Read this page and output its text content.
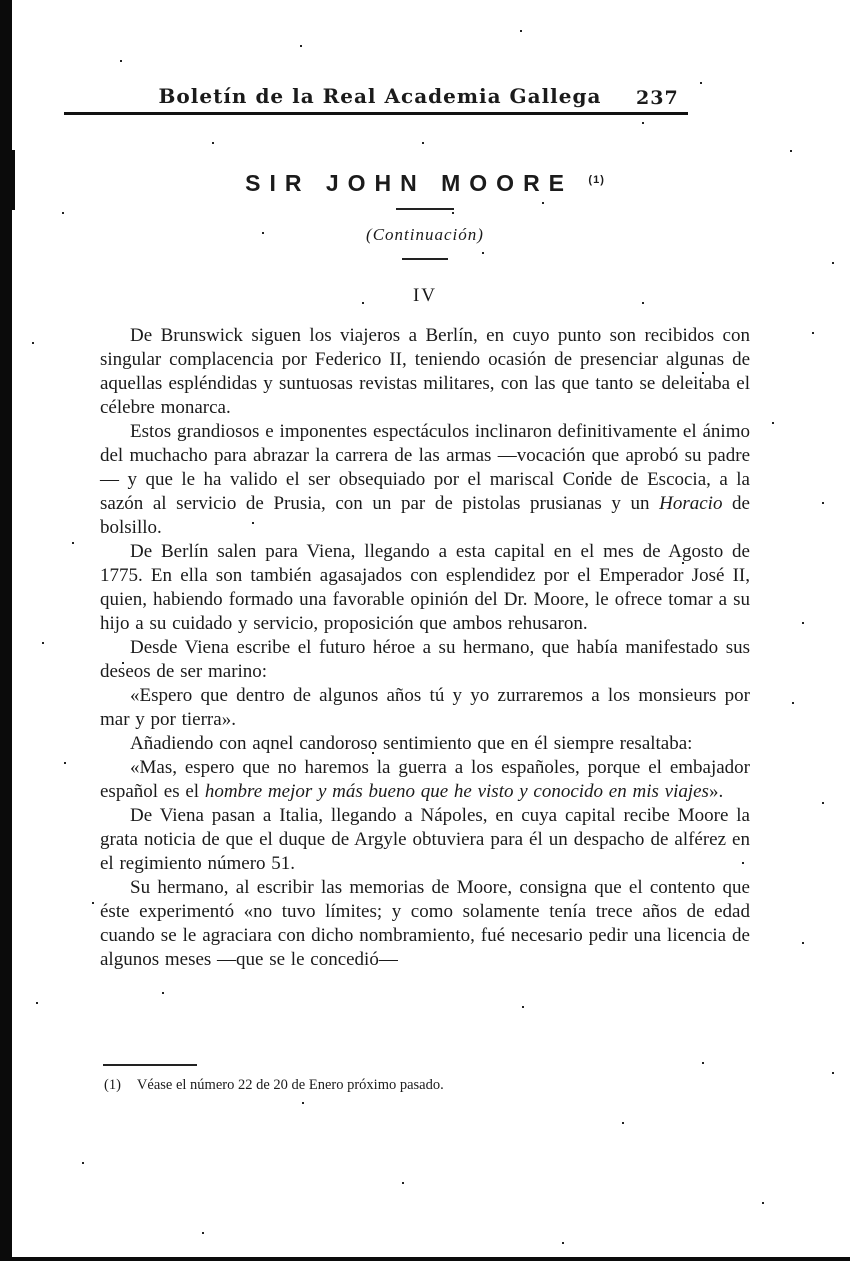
Boletín de la Real Academia Gallega	237
SIR JOHN MOORE $^{(1)}$
(Continuación)
IV

De Brunswick siguen los viajeros a Berlín, en cuyo punto son recibidos con singular complacencia por Federico II, teniendo ocasión de presenciar algunas de aquellas espléndidas y suntuosas revistas militares, con las que tanto se deleitaba el célebre monarca.

Estos grandiosos e imponentes espectáculos inclinaron definitivamente el ánimo del muchacho para abrazar la carrera de las armas —vocación que aprobó su padre— y que le ha valido el ser obsequiado por el mariscal Conde de Escocia, a la sazón al servicio de Prusia, con un par de pistolas prusianas y un Horacio de bolsillo.

De Berlín salen para Viena, llegando a esta capital en el mes de Agosto de 1775. En ella son también agasajados con esplendidez por el Emperador José II, quien, habiendo formado una favorable opinión del Dr. Moore, le ofrece tomar a su hijo a su cuidado y servicio, proposición que ambos rehusaron.

Desde Viena escribe el futuro héroe a su hermano, que había manifestado sus deseos de ser marino:

«Espero que dentro de algunos años tú y yo zurraremos a los monsieurs por mar y por tierra».

Añadiendo con aqnel candoroso sentimiento que en él siempre resaltaba:

«Mas, espero que no haremos la guerra a los españoles, porque el embajador español es el hombre mejor y más bueno que he visto y conocido en mis viajes».

De Viena pasan a Italia, llegando a Nápoles, en cuya capital recibe Moore la grata noticia de que el duque de Argyle obtuviera para él un despacho de alférez en el regimiento número 51.

Su hermano, al escribir las memorias de Moore, consigna que el contento que éste experimentó «no tuvo límites; y como solamente tenía trece años de edad cuando se le agraciara con dicho nombramiento, fué necesario pedir una licencia de algunos meses —que se le concedió—

(1) Véase el número 22 de 20 de Enero próximo pasado.
